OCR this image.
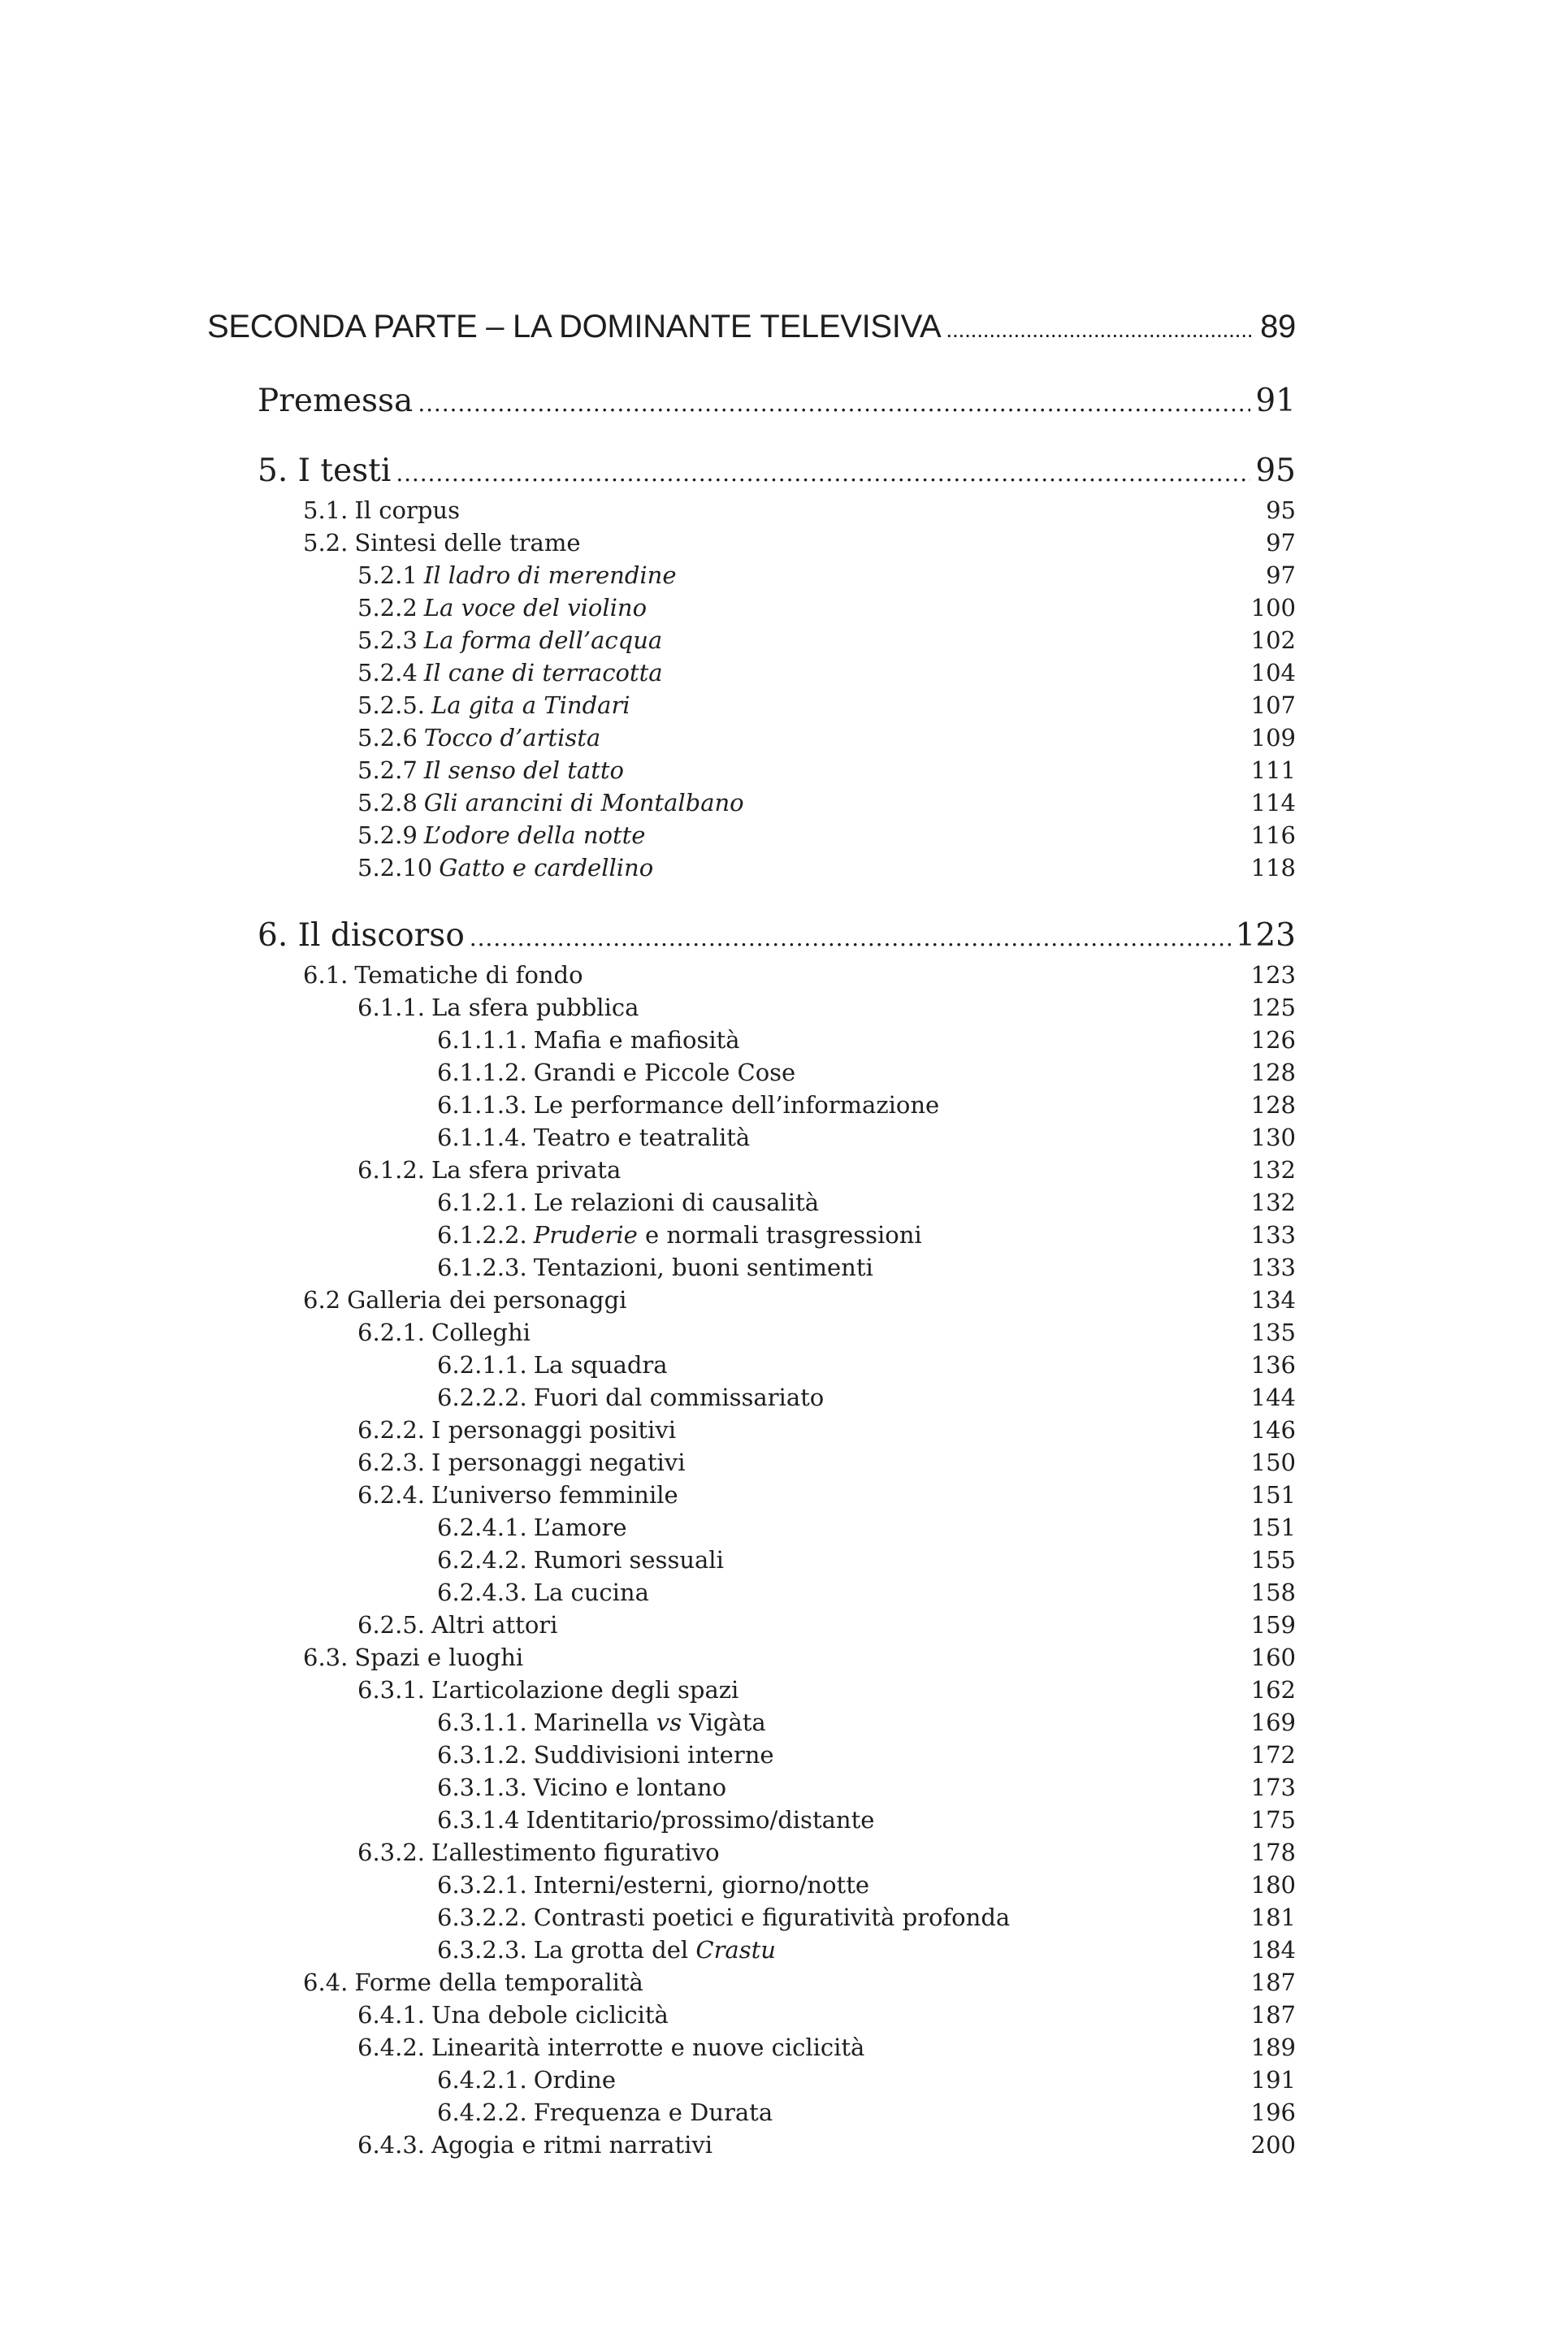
SECONDA PARTE – LA DOMINANTE TELEVISIVA . . .	89
Premessa . . .	91
5. I testi . . .	95
5.1. Il corpus	95
5.2. Sintesi delle trame	97
5.2.1 Il ladro di merendine	97
5.2.2 La voce del violino	100
5.2.3 La forma dell’acqua	102
5.2.4 Il cane di terracotta	104
5.2.5. La gita a Tindari	107
5.2.6 Tocco d’artista	109
5.2.7 Il senso del tatto	111
5.2.8 Gli arancini di Montalbano	114
5.2.9 L’odore della notte	116
5.2.10 Gatto e cardellino	118
6. Il discorso . . .	123
6.1. Tematiche di fondo	123
6.1.1. La sfera pubblica	125
6.1.1.1. Mafia e mafiosità	126
6.1.1.2. Grandi e Piccole Cose	128
6.1.1.3. Le performance dell’informazione	128
6.1.1.4. Teatro e teatralità	130
6.1.2. La sfera privata	132
6.1.2.1. Le relazioni di causalità	132
6.1.2.2. Pruderie e normali trasgressioni	133
6.1.2.3. Tentazioni, buoni sentimenti	133
6.2 Galleria dei personaggi	134
6.2.1. Colleghi	135
6.2.1.1. La squadra	136
6.2.2.2. Fuori dal commissariato	144
6.2.2. I personaggi positivi	146
6.2.3. I personaggi negativi	150
6.2.4. L’universo femminile	151
6.2.4.1. L’amore	151
6.2.4.2. Rumori sessuali	155
6.2.4.3. La cucina	158
6.2.5. Altri attori	159
6.3. Spazi e luoghi	160
6.3.1. L’articolazione degli spazi	162
6.3.1.1. Marinella vs Vigàta	169
6.3.1.2. Suddivisioni interne	172
6.3.1.3. Vicino e lontano	173
6.3.1.4 Identitario/prossimo/distante	175
6.3.2. L’allestimento figurativo	178
6.3.2.1. Interni/esterni, giorno/notte	180
6.3.2.2. Contrasti poetici e figuratività profonda	181
6.3.2.3. La grotta del Crastu	184
6.4. Forme della temporalità	187
6.4.1. Una debole ciclicità	187
6.4.2. Linearità interrotte e nuove ciclicità	189
6.4.2.1. Ordine	191
6.4.2.2. Frequenza e Durata	196
6.4.3. Agogia e ritmi narrativi	200
